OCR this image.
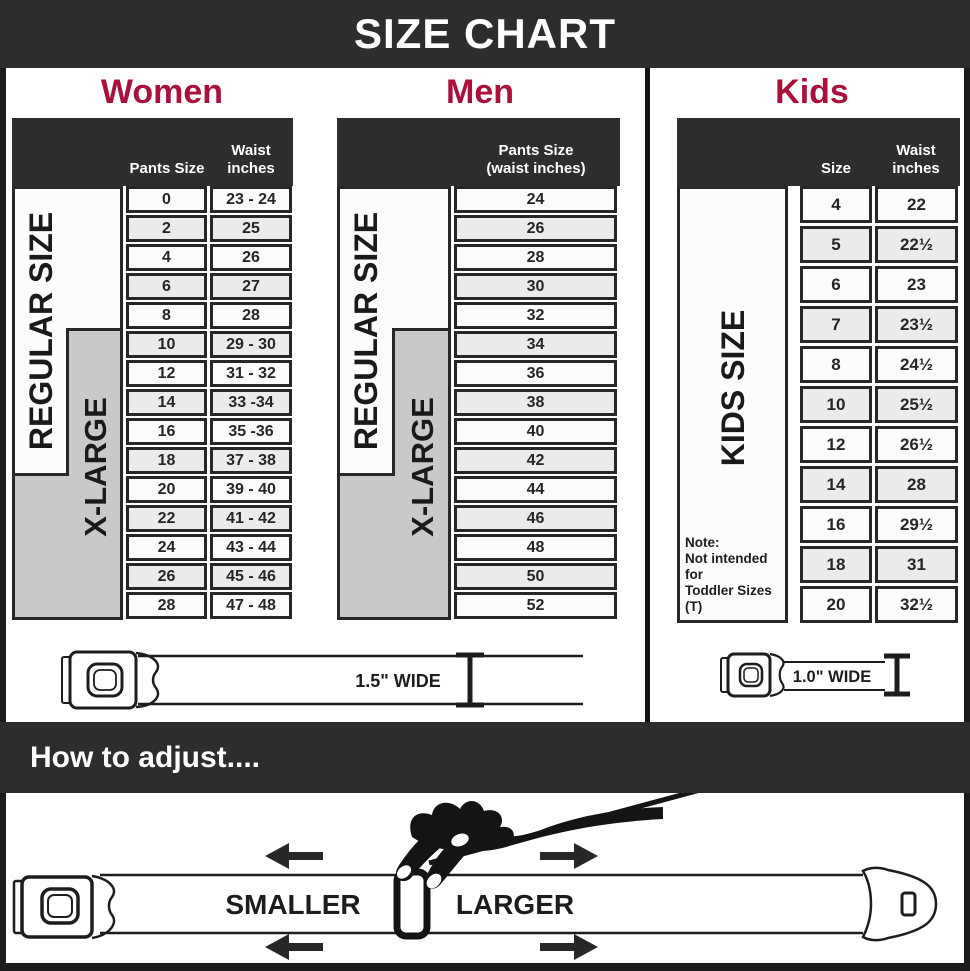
SIZE CHART
Women	Men	Kids
Pants Size
Waist
inches
REGULAR SIZE
X-LARGE
0	23 - 24
2	25
4	26
6	27
8	28
10	29 - 30
12	31 - 32
14	33 -34
16	35 -36
18	37 - 38
20	39 - 40
22	41 - 42
24	43 - 44
26	45 - 46
28	47 - 48
Pants Size
(waist inches)
REGULAR SIZE
X-LARGE
24
26
28
30
32
34
36
38
40
42
44
46
48
50
52
Size
Waist
inches
Note:
Not intended for
Toddler Sizes (T)
KIDS SIZE
4	22
5	22½
6	23
7	23½
8	24½
10	25½
12	26½
14	28
16	29½
18	31
20	32½
1.5" WIDE	1.0" WIDE
How to adjust....
SMALLER	LARGER
